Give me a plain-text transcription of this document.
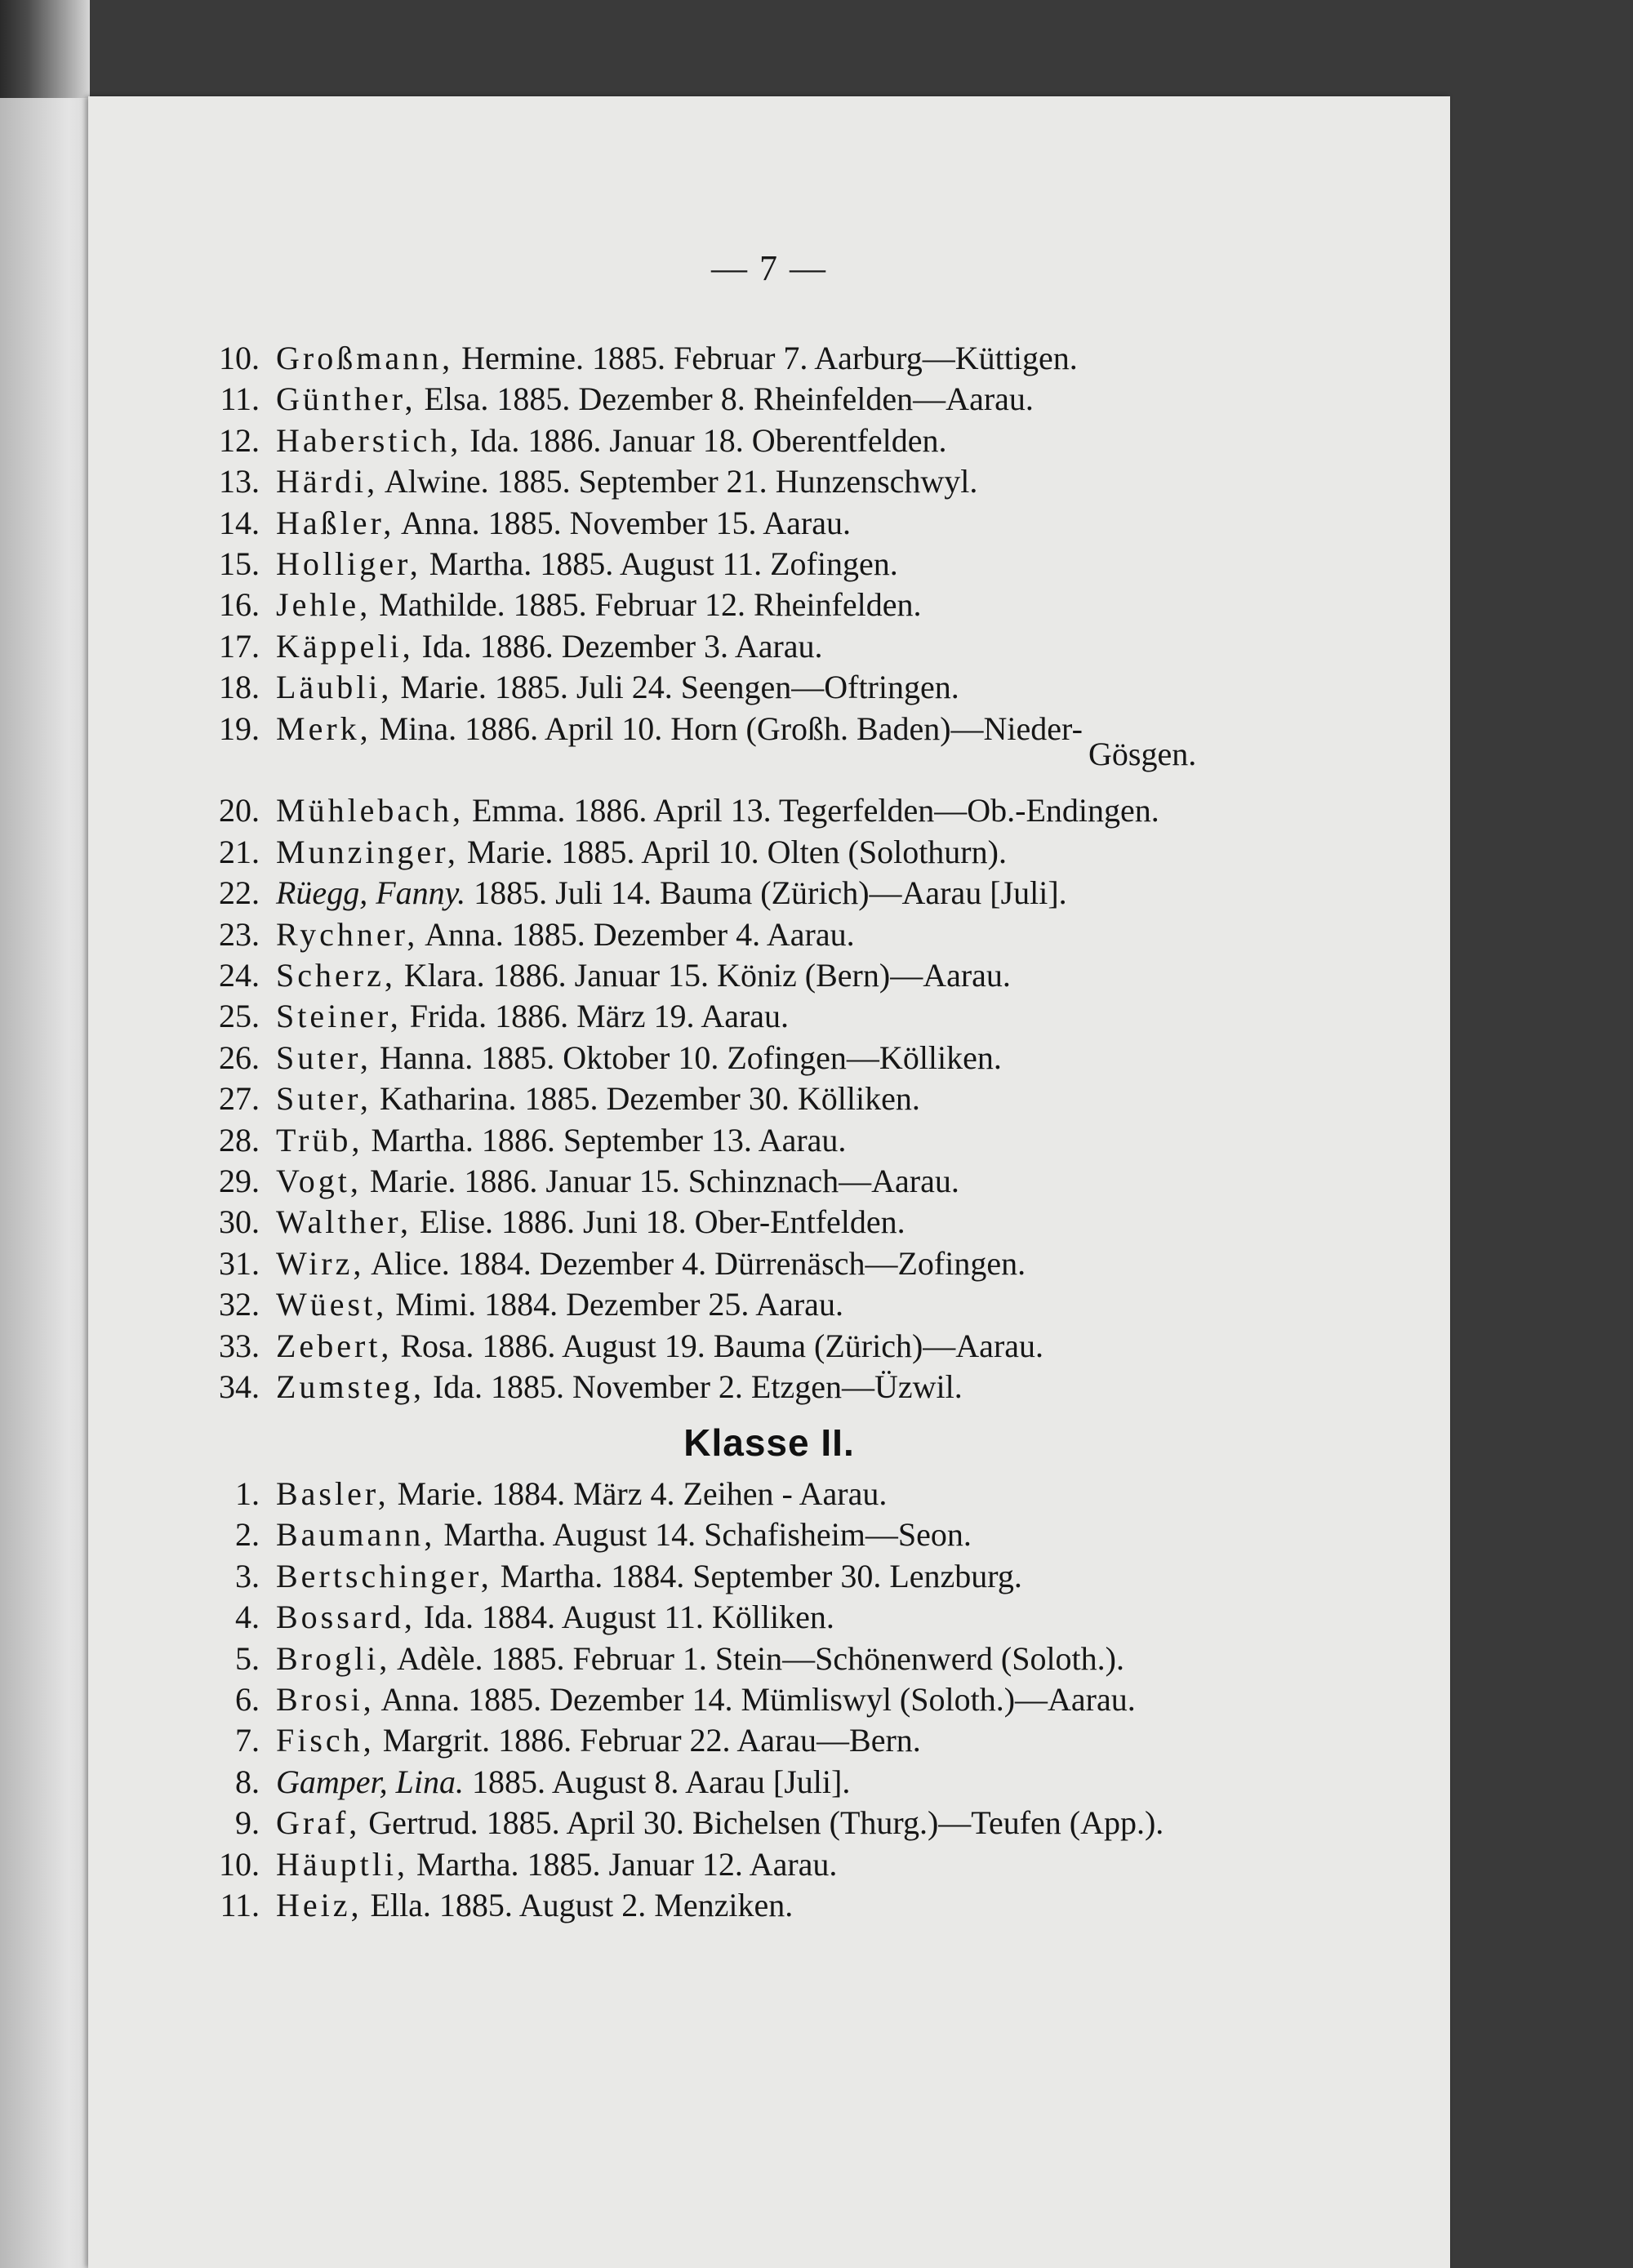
— 7 —
10. Großmann, Hermine. 1885. Februar 7. Aarburg—Küttigen.
11. Günther, Elsa. 1885. Dezember 8. Rheinfelden—Aarau.
12. Haberstich, Ida. 1886. Januar 18. Oberentfelden.
13. Härdi, Alwine. 1885. September 21. Hunzenschwyl.
14. Haßler, Anna. 1885. November 15. Aarau.
15. Holliger, Martha. 1885. August 11. Zofingen.
16. Jehle, Mathilde. 1885. Februar 12. Rheinfelden.
17. Käppeli, Ida. 1886. Dezember 3. Aarau.
18. Läubli, Marie. 1885. Juli 24. Seengen—Oftringen.
19. Merk, Mina. 1886. April 10. Horn (Großh. Baden)—Nieder-
20. Mühlebach, Emma. 1886. April 13. Tegerfelden—Ob.-Endingen.
21. Munzinger, Marie. 1885. April 10. Olten (Solothurn).
22. Rüegg, Fanny. 1885. Juli 14. Bauma (Zürich)—Aarau [Juli].
23. Rychner, Anna. 1885. Dezember 4. Aarau.
24. Scherz, Klara. 1886. Januar 15. Köniz (Bern)—Aarau.
25. Steiner, Frida. 1886. März 19. Aarau.
26. Suter, Hanna. 1885. Oktober 10. Zofingen—Kölliken.
27. Suter, Katharina. 1885. Dezember 30. Kölliken.
28. Trüb, Martha. 1886. September 13. Aarau.
29. Vogt, Marie. 1886. Januar 15. Schinznach—Aarau.
30. Walther, Elise. 1886. Juni 18. Ober-Entfelden.
31. Wirz, Alice. 1884. Dezember 4. Dürrenäsch—Zofingen.
32. Wüest, Mimi. 1884. Dezember 25. Aarau.
33. Zebert, Rosa. 1886. August 19. Bauma (Zürich)—Aarau.
34. Zumsteg, Ida. 1885. November 2. Etzgen—Üzwil.
Gösgen.
Klasse II.
1. Basler, Marie. 1884. März 4. Zeihen - Aarau.
2. Baumann, Martha. August 14. Schafisheim—Seon.
3. Bertschinger, Martha. 1884. September 30. Lenzburg.
4. Bossard, Ida. 1884. August 11. Kölliken.
5. Brogli, Adèle. 1885. Februar 1. Stein—Schönenwerd (Soloth.).
6. Brosi, Anna. 1885. Dezember 14. Mümliswyl (Soloth.)—Aarau.
7. Fisch, Margrit. 1886. Februar 22. Aarau—Bern.
8. Gamper, Lina. 1885. August 8. Aarau [Juli].
9. Graf, Gertrud. 1885. April 30. Bichelsen (Thurg.)—Teufen (App.).
10. Häuptli, Martha. 1885. Januar 12. Aarau.
11. Heiz, Ella. 1885. August 2. Menziken.
